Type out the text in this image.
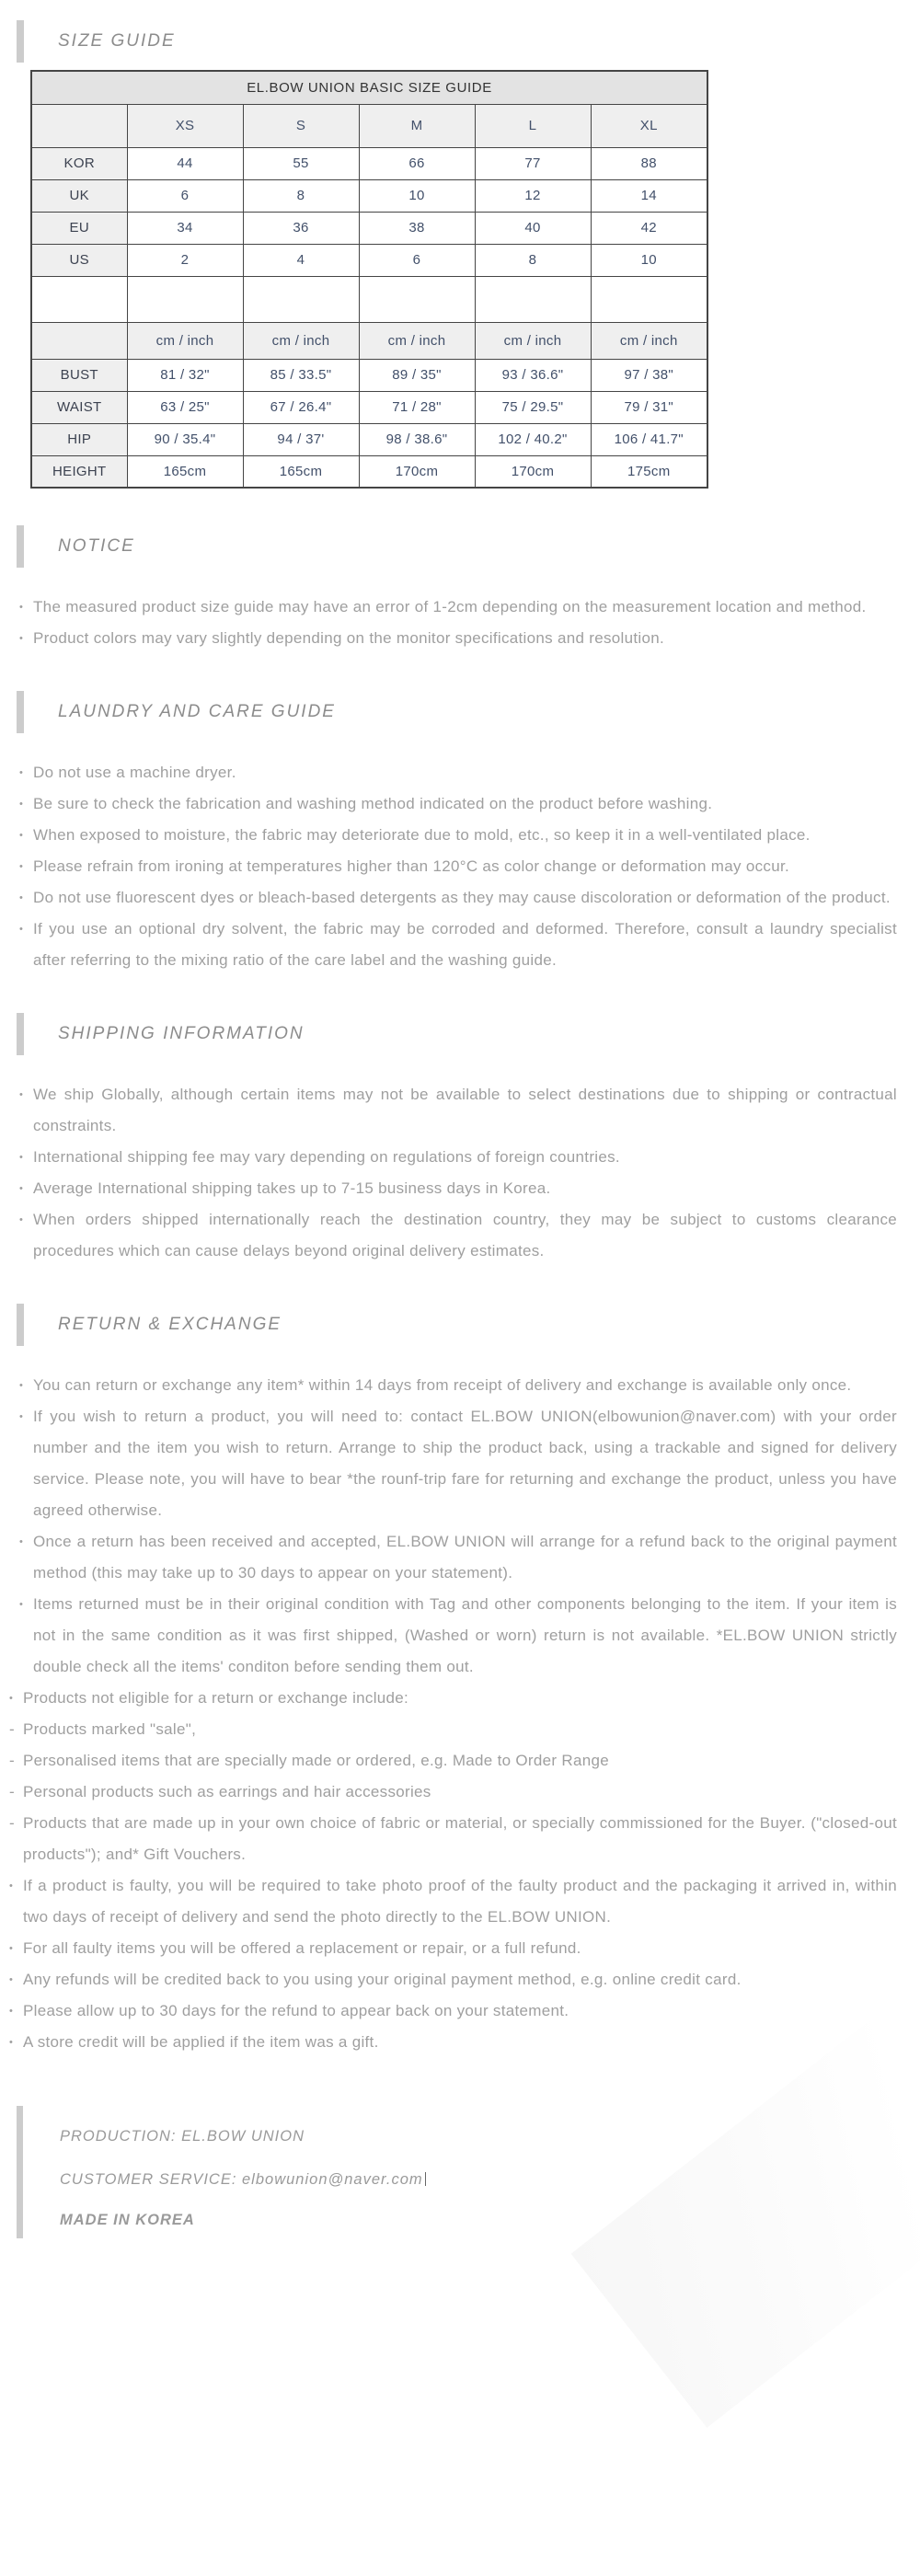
SIZE GUIDE
EL.BOW UNION BASIC SIZE GUIDE					
	XS	S	M	L	XL
KOR	44	55	66	77	88
UK	6	8	10	12	14
EU	34	36	38	40	42
US	2	4	6	8	10

	cm / inch	cm / inch	cm / inch	cm / inch	cm / inch
BUST	81 / 32"	85 / 33.5"	89 / 35"	93 / 36.6"	97 / 38"
WAIST	63 / 25"	67 / 26.4"	71 / 28"	75 / 29.5"	79 / 31"
HIP	90 / 35.4"	94 / 37'	98 / 38.6"	102 / 40.2"	106 / 41.7"
HEIGHT	165cm	165cm	170cm	170cm	175cm
NOTICE
• The measured product size guide may have an error of 1-2cm depending on the measurement location and method.
• Product colors may vary slightly depending on the monitor specifications and resolution.
LAUNDRY AND CARE GUIDE
• Do not use a machine dryer.
• Be sure to check the fabrication and washing method indicated on the product before washing.
• When exposed to moisture, the fabric may deteriorate due to mold, etc., so keep it in a well-ventilated place.
• Please refrain from ironing at temperatures higher than 120°C as color change or deformation may occur.
• Do not use fluorescent dyes or bleach-based detergents as they may cause discoloration or deformation of the product.
• If you use an optional dry solvent, the fabric may be corroded and deformed. Therefore, consult a laundry specialist after referring to the mixing ratio of the care label and the washing guide.
SHIPPING INFORMATION
• We ship Globally, although certain items may not be available to select destinations due to shipping or contractual constraints.
• International shipping fee may vary depending on regulations of foreign countries.
• Average International shipping takes up to 7-15 business days in Korea.
• When orders shipped internationally reach the destination country, they may be subject to customs clearance procedures which can cause delays beyond original delivery estimates.
RETURN & EXCHANGE
• You can return or exchange any item* within 14 days from receipt of delivery and exchange is available only once.
• If you wish to return a product, you will need to: contact EL.BOW UNION(elbowunion@naver.com) with your order number and the item you wish to return. Arrange to ship the product back, using a trackable and signed for delivery service. Please note, you will have to bear *the rounf-trip fare for returning and exchange the product, unless you have agreed otherwise.
• Once a return has been received and accepted, EL.BOW UNION will arrange for a refund back to the original payment method (this may take up to 30 days to appear on your statement).
• Items returned must be in their original condition with Tag and other components belonging to the item. If your item is not in the same condition as it was first shipped, (Washed or worn) return is not available. *EL.BOW UNION strictly double check all the items' conditon before sending them out.
• Products not eligible for a return or exchange include:
- Products marked "sale",
- Personalised items that are specially made or ordered, e.g. Made to Order Range
- Personal products such as earrings and hair accessories
- Products that are made up in your own choice of fabric or material, or specially commissioned for the Buyer. ("closed-out products"); and* Gift Vouchers.
• If a product is faulty, you will be required to take photo proof of the faulty product and the packaging it arrived in, within two days of receipt of delivery and send the photo directly to the EL.BOW UNION.
• For all faulty items you will be offered a replacement or repair, or a full refund.
• Any refunds will be credited back to you using your original payment method, e.g. online credit card.
• Please allow up to 30 days for the refund to appear back on your statement.
• A store credit will be applied if the item was a gift.
PRODUCTION: EL.BOW UNION
CUSTOMER SERVICE: elbowunion@naver.com
MADE IN KOREA
